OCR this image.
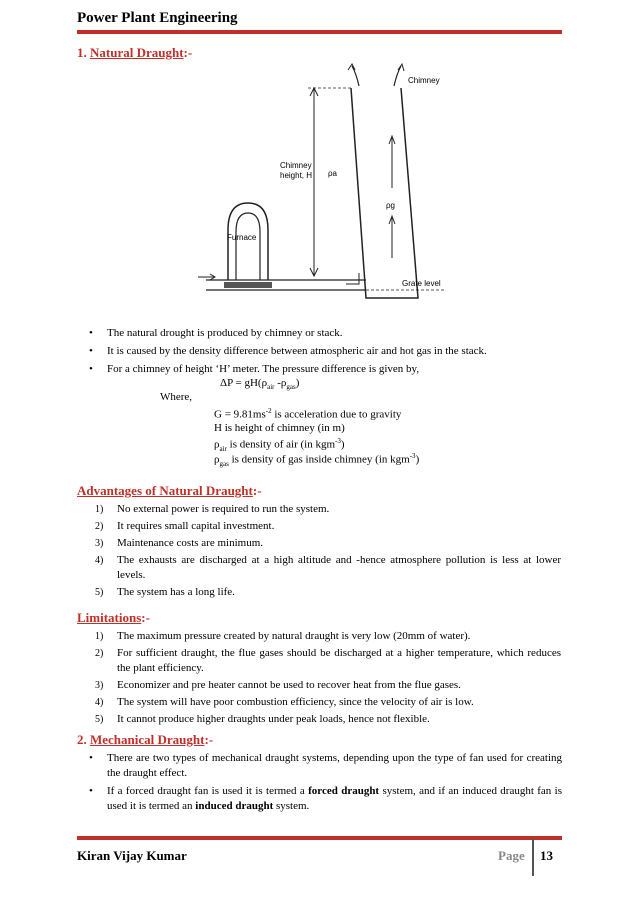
Power Plant Engineering
1. Natural Draught:-
Chimney
Chimney
height, H ρa
ρg
Furnace
Grate level
• The natural drought is produced by chimney or stack.
• It is caused by the density difference between atmospheric air and hot gas in the stack.
• For a chimney of height ‘H’ meter. The pressure difference is given by,
$\Delta P = gH(\rho_{air}$ $-\rho_{gas}$)
Where,
$G = 9.81ms^{-2}$ is acceleration due to gravity
H is height of chimney (in m)
$\rho_{air}$ is density of air (in kgm$^{-3}$)
$\rho_{gas}$ is density of gas inside chimney (in kgm$^{-3}$)
Advantages of Natural Draught:-
1) No external power is required to run the system.
2) It requires small capital investment.
3) Maintenance costs are minimum.
4) The exhausts are discharged at a high altitude and -hence atmosphere pollution is less at lower levels.
5) The system has a long life.
Limitations:-
1) The maximum pressure created by natural draught is very low (20mm of water).
2) For sufficient draught, the flue gases should be discharged at a higher temperature, which reduces the plant efficiency.
3) Economizer and pre heater cannot be used to recover heat from the flue gases.
4) The system will have poor combustion efficiency, since the velocity of air is low.
5) It cannot produce higher draughts under peak loads, hence not flexible.
2. Mechanical Draught:-
• There are two types of mechanical draught systems, depending upon the type of fan used for creating the draught effect.
• If a forced draught fan is used it is termed a forced draught system, and if an induced draught fan is used it is termed an induced draught system.
Kiran Vijay Kumar	Page 13
